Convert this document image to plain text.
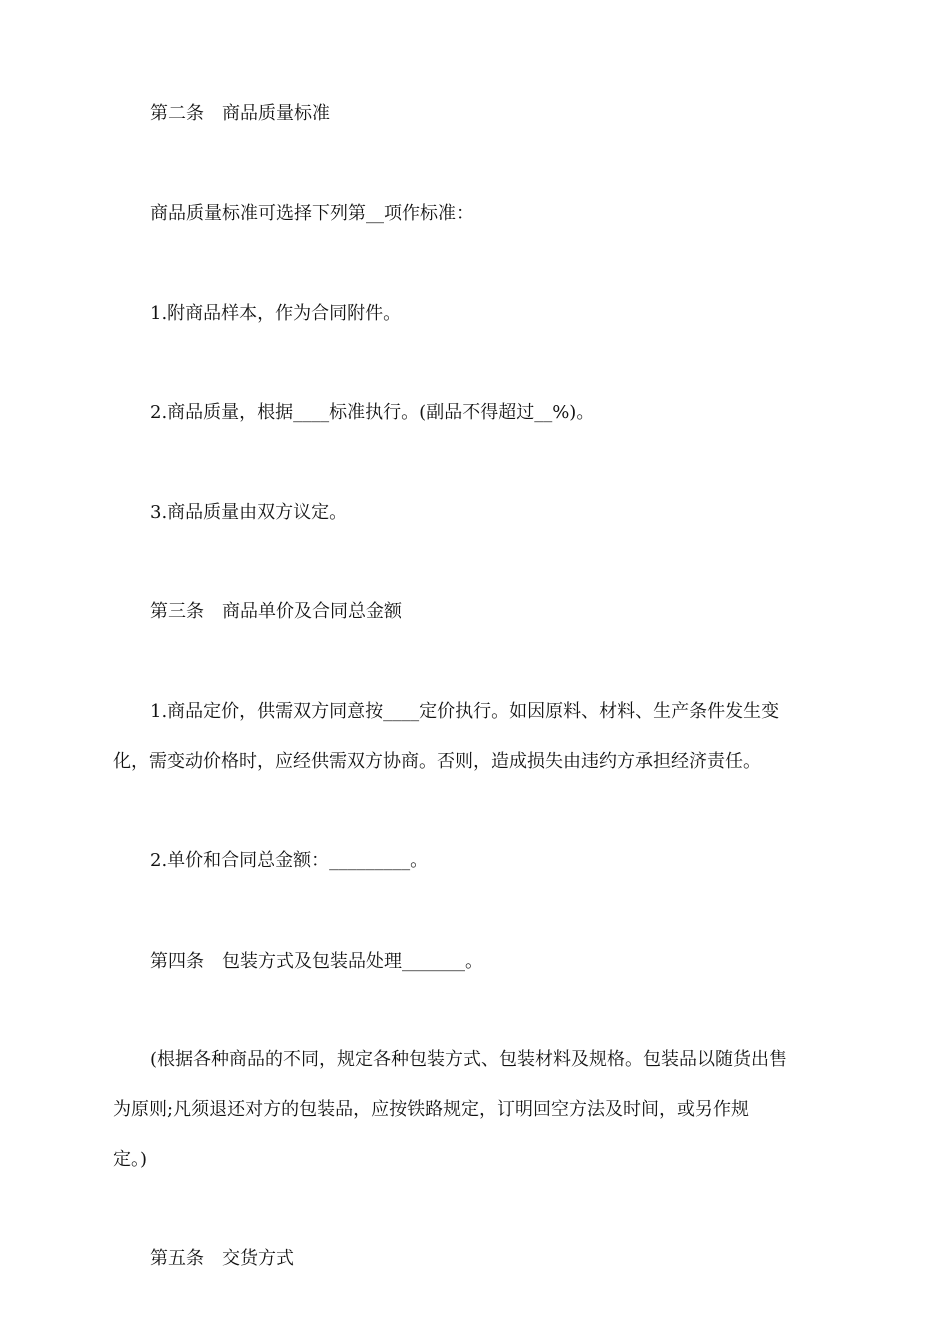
第二条　商品质量标准

商品质量标准可选择下列第__项作标准：

1.附商品样本，作为合同附件。

2.商品质量，根据____标准执行。(副品不得超过__%)。

3.商品质量由双方议定。

第三条　商品单价及合同总金额

1.商品定价，供需双方同意按____定价执行。如因原料、材料、生产条件发生变

化，需变动价格时，应经供需双方协商。否则，造成损失由违约方承担经济责任。

2.单价和合同总金额：_________。

第四条　包装方式及包装品处理_______。

(根据各种商品的不同，规定各种包装方式、包装材料及规格。包装品以随货出售

为原则;凡须退还对方的包装品，应按铁路规定，订明回空方法及时间，或另作规

定。)

第五条　交货方式
